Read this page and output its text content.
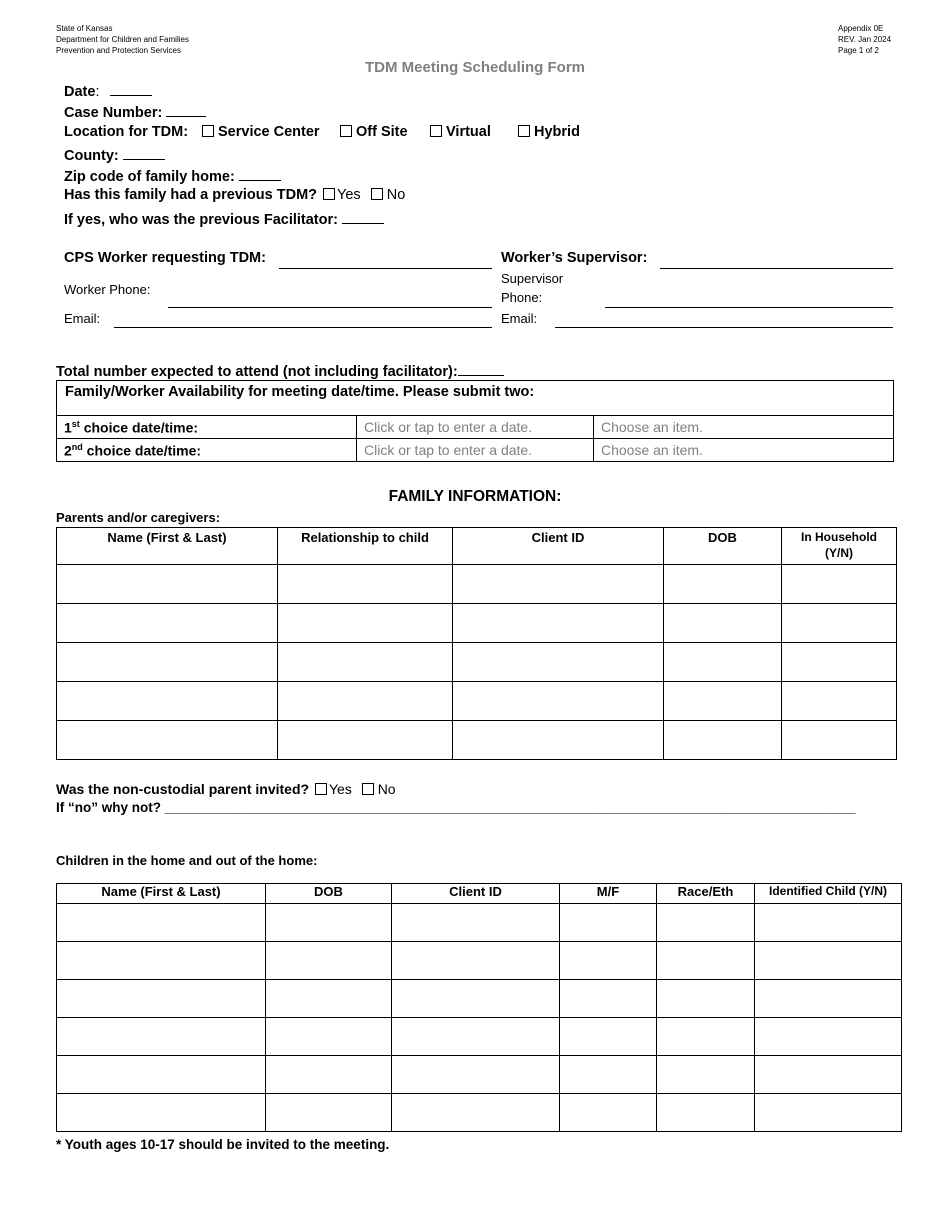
State of Kansas
Department for Children and Families
Prevention and Protection Services
Appendix 0E
REV. Jan 2024
Page 1 of 2
TDM Meeting Scheduling Form
Date:
Case Number:
Location for TDM:	Service Center	Off Site	Virtual	Hybrid
County:
Zip code of family home:
Has this family had a previous TDM? Yes No
If yes, who was the previous Facilitator:
CPS Worker requesting TDM:
Worker Phone:
Email:
Worker’s Supervisor:
Supervisor
Phone:
Email:
Total number expected to attend (not including facilitator):
Family/Worker Availability for meeting date/time. Please submit two:		
1st choice date/time:	Click or tap to enter a date.	Choose an item.
2nd choice date/time:	Click or tap to enter a date.	Choose an item.
FAMILY INFORMATION:
Parents and/or caregivers:
Name (First & Last)	Relationship to child	Client ID	DOB	In Household (Y/N)

Was the non-custodial parent invited? Yes No
If “no” why not? ____________________________________________________________________________________________
Children in the home and out of the home:
Name (First & Last)	DOB	Client ID	M/F	Race/Eth	Identified Child (Y/N)

* Youth ages 10-17 should be invited to the meeting.
